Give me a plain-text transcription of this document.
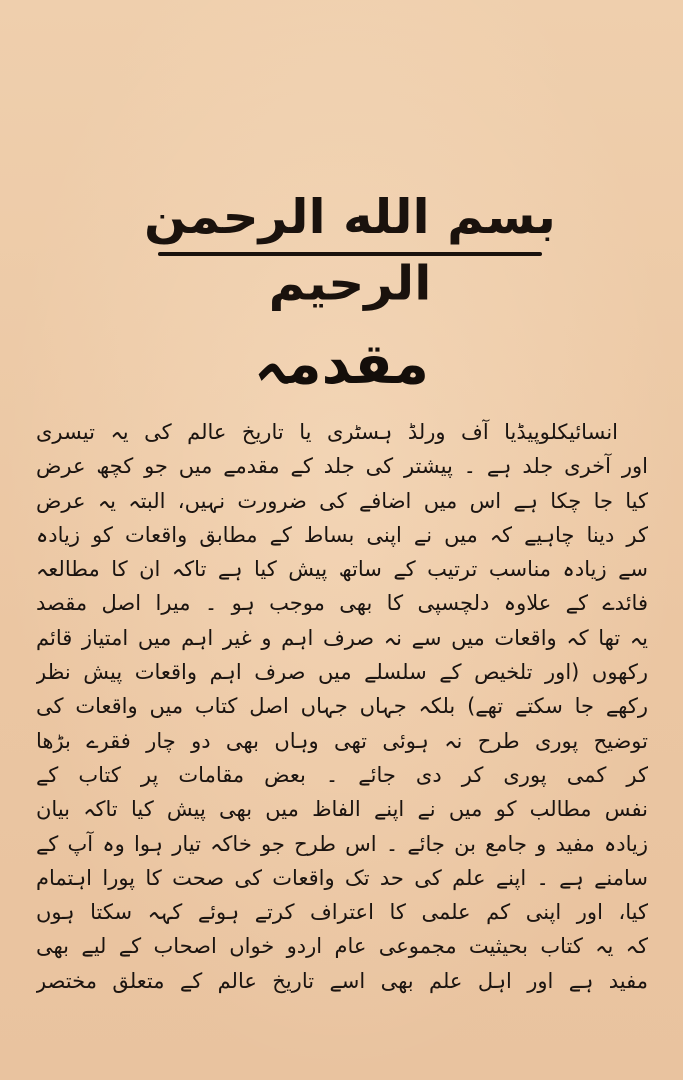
بسم الله الرحمن الرحیم
مقدمہ
انسائیکلوپیڈیا آف ورلڈ ہسٹری یا تاریخ عالم کی یہ تیسری
اور آخری جلد ہے ۔ پیشتر کی جلد کے مقدمے میں جو کچھ عرض
کیا جا چکا ہے اس میں اضافے کی ضرورت نہیں، البتہ یہ عرض
کر دینا چاہیے کہ میں نے اپنی بساط کے مطابق واقعات کو زیادہ
سے زیادہ مناسب ترتیب کے ساتھ پیش کیا ہے تاکہ ان کا مطالعہ
فائدے کے علاوہ دلچسپی کا بھی موجب ہو ۔ میرا اصل مقصد
یہ تھا کہ واقعات میں سے نہ صرف اہم و غیر اہم میں امتیاز قائم
رکھوں (اور تلخیص کے سلسلے میں صرف اہم واقعات پیش نظر
رکھے جا سکتے تھے) بلکہ جہاں جہاں اصل کتاب میں واقعات کی
توضیح پوری طرح نہ ہوئی تھی وہاں بھی دو چار فقرے بڑھا
کر کمی پوری کر دی جائے ۔ بعض مقامات پر کتاب کے
نفس مطالب کو میں نے اپنے الفاظ میں بھی پیش کیا تاکہ بیان
زیادہ مفید و جامع بن جائے ۔ اس طرح جو خاکہ تیار ہوا وہ آپ کے
سامنے ہے ۔ اپنے علم کی حد تک واقعات کی صحت کا پورا اہتمام
کیا، اور اپنی کم علمی کا اعتراف کرتے ہوئے کہہ سکتا ہوں
کہ یہ کتاب بحیثیت مجموعی عام اردو خواں اصحاب کے لیے بھی
مفید ہے اور اہل علم بھی اسے تاریخ عالم کے متعلق مختصر
